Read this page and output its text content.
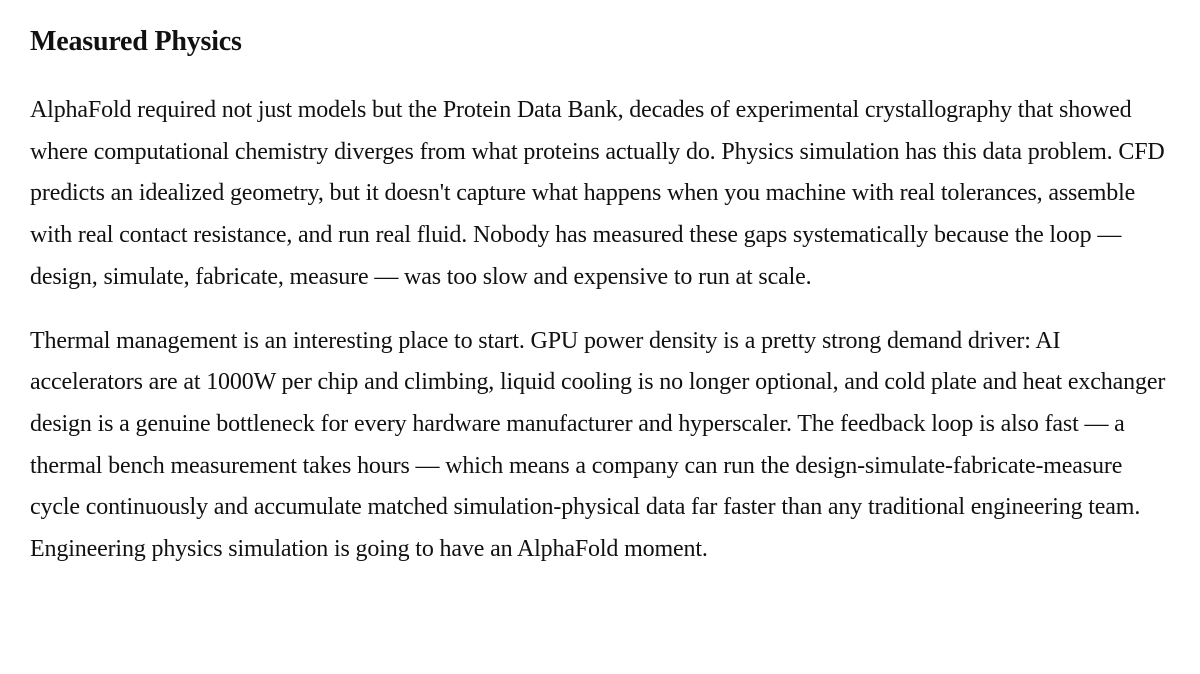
Measured Physics

AlphaFold required not just models but the Protein Data Bank, decades of experimental crystallography that showed where computational chemistry diverges from what proteins actually do. Physics simulation has this data problem. CFD predicts an idealized geometry, but it doesn't capture what happens when you machine with real tolerances, assemble with real contact resistance, and run real fluid. Nobody has measured these gaps systematically because the loop — design, simulate, fabricate, measure — was too slow and expensive to run at scale.

Thermal management is an interesting place to start. GPU power density is a pretty strong demand driver: AI accelerators are at 1000W per chip and climbing, liquid cooling is no longer optional, and cold plate and heat exchanger design is a genuine bottleneck for every hardware manufacturer and hyperscaler. The feedback loop is also fast — a thermal bench measurement takes hours — which means a company can run the design-simulate-fabricate-measure cycle continuously and accumulate matched simulation-physical data far faster than any traditional engineering team. Engineering physics simulation is going to have an AlphaFold moment.
